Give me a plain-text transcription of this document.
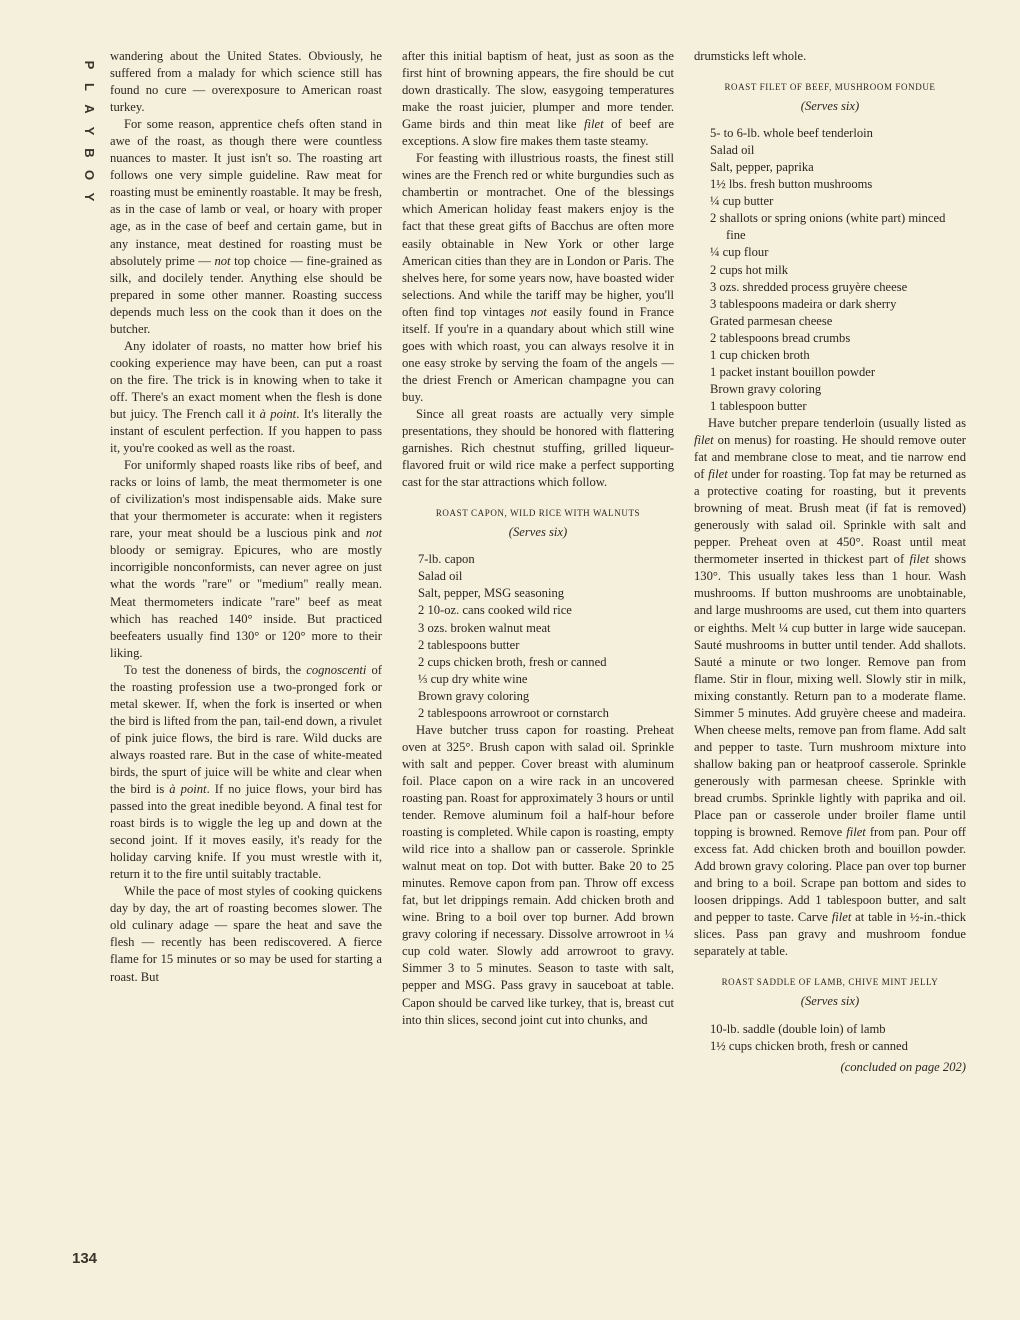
P
L
A
Y
B
O
Y
134

wandering about the United States. Obviously, he suffered from a malady for which science still has found no cure — overexposure to American roast turkey.

For some reason, apprentice chefs often stand in awe of the roast, as though there were countless nuances to master. It just isn't so. The roasting art follows one very simple guideline. Raw meat for roasting must be eminently roastable. It may be fresh, as in the case of lamb or veal, or hoary with proper age, as in the case of beef and certain game, but in any instance, meat destined for roasting must be absolutely prime — not top choice — fine-grained as silk, and docilely tender. Anything else should be prepared in some other manner. Roasting success depends much less on the cook than it does on the butcher.

Any idolater of roasts, no matter how brief his cooking experience may have been, can put a roast on the fire. The trick is in knowing when to take it off. There's an exact moment when the flesh is done but juicy. The French call it à point. It's literally the instant of esculent perfection. If you happen to pass it, you're cooked as well as the roast.

For uniformly shaped roasts like ribs of beef, and racks or loins of lamb, the meat thermometer is one of civilization's most indispensable aids. Make sure that your thermometer is accurate: when it registers rare, your meat should be a luscious pink and not bloody or semigray. Epicures, who are mostly incorrigible nonconformists, can never agree on just what the words "rare" or "medium" really mean. Meat thermometers indicate "rare" beef as meat which has reached 140° inside. But practiced beefeaters usually find 130° or 120° more to their liking.

To test the doneness of birds, the cognoscenti of the roasting profession use a two-pronged fork or metal skewer. If, when the fork is inserted or when the bird is lifted from the pan, tail-end down, a rivulet of pink juice flows, the bird is rare. Wild ducks are always roasted rare. But in the case of white-meated birds, the spurt of juice will be white and clear when the bird is à point. If no juice flows, your bird has passed into the great inedible beyond. A final test for roast birds is to wiggle the leg up and down at the second joint. If it moves easily, it's ready for the holiday carving knife. If you must wrestle with it, return it to the fire until suitably tractable.

While the pace of most styles of cooking quickens day by day, the art of roasting becomes slower. The old culinary adage — spare the heat and save the flesh — recently has been rediscovered. A fierce flame for 15 minutes or so may be used for starting a roast. But

after this initial baptism of heat, just as soon as the first hint of browning appears, the fire should be cut down drastically. The slow, easygoing temperatures make the roast juicier, plumper and more tender. Game birds and thin meat like filet of beef are exceptions. A slow fire makes them taste steamy.

For feasting with illustrious roasts, the finest still wines are the French red or white burgundies such as chambertin or montrachet. One of the blessings which American holiday feast makers enjoy is the fact that these great gifts of Bacchus are often more easily obtainable in New York or other large American cities than they are in London or Paris. The shelves here, for some years now, have boasted wider selections. And while the tariff may be higher, you'll often find top vintages not easily found in France itself. If you're in a quandary about which still wine goes with which roast, you can always resolve it in one easy stroke by serving the foam of the angels — the driest French or American champagne you can buy.

Since all great roasts are actually very simple presentations, they should be honored with flattering garnishes. Rich chestnut stuffing, grilled liqueur-flavored fruit or wild rice make a perfect supporting cast for the star attractions which follow.

ROAST CAPON, WILD RICE WITH WALNUTS
(Serves six)
7-lb. capon
Salad oil
Salt, pepper, MSG seasoning
2 10-oz. cans cooked wild rice
3 ozs. broken walnut meat
2 tablespoons butter
2 cups chicken broth, fresh or canned
⅓ cup dry white wine
Brown gravy coloring
2 tablespoons arrowroot or cornstarch

Have butcher truss capon for roasting. Preheat oven at 325°. Brush capon with salad oil. Sprinkle with salt and pepper. Cover breast with aluminum foil. Place capon on a wire rack in an uncovered roasting pan. Roast for approximately 3 hours or until tender. Remove aluminum foil a half-hour before roasting is completed. While capon is roasting, empty wild rice into a shallow pan or casserole. Sprinkle walnut meat on top. Dot with butter. Bake 20 to 25 minutes. Remove capon from pan. Throw off excess fat, but let drippings remain. Add chicken broth and wine. Bring to a boil over top burner. Add brown gravy coloring if necessary. Dissolve arrowroot in ¼ cup cold water. Slowly add arrowroot to gravy. Simmer 3 to 5 minutes. Season to taste with salt, pepper and MSG. Pass gravy in sauceboat at table. Capon should be carved like turkey, that is, breast cut into thin slices, second joint cut into chunks, and

drumsticks left whole.

ROAST FILET OF BEEF, MUSHROOM FONDUE
(Serves six)
5- to 6-lb. whole beef tenderloin
Salad oil
Salt, pepper, paprika
1½ lbs. fresh button mushrooms
¼ cup butter
2 shallots or spring onions (white part) minced fine
¼ cup flour
2 cups hot milk
3 ozs. shredded process gruyère cheese
3 tablespoons madeira or dark sherry
Grated parmesan cheese
2 tablespoons bread crumbs
1 cup chicken broth
1 packet instant bouillon powder
Brown gravy coloring
1 tablespoon butter

Have butcher prepare tenderloin (usually listed as filet on menus) for roasting. He should remove outer fat and membrane close to meat, and tie narrow end of filet under for roasting. Top fat may be returned as a protective coating for roasting, but it prevents browning of meat. Brush meat (if fat is removed) generously with salad oil. Sprinkle with salt and pepper. Preheat oven at 450°. Roast until meat thermometer inserted in thickest part of filet shows 130°. This usually takes less than 1 hour. Wash mushrooms. If button mushrooms are unobtainable, and large mushrooms are used, cut them into quarters or eighths. Melt ¼ cup butter in large wide saucepan. Sauté mushrooms in butter until tender. Add shallots. Sauté a minute or two longer. Remove pan from flame. Stir in flour, mixing well. Slowly stir in milk, mixing constantly. Return pan to a moderate flame. Simmer 5 minutes. Add gruyère cheese and madeira. When cheese melts, remove pan from flame. Add salt and pepper to taste. Turn mushroom mixture into shallow baking pan or heatproof casserole. Sprinkle generously with parmesan cheese. Sprinkle with bread crumbs. Sprinkle lightly with paprika and oil. Place pan or casserole under broiler flame until topping is browned. Remove filet from pan. Pour off excess fat. Add chicken broth and bouillon powder. Add brown gravy coloring. Place pan over top burner and bring to a boil. Scrape pan bottom and sides to loosen drippings. Add 1 tablespoon butter, and salt and pepper to taste. Carve filet at table in ½-in.-thick slices. Pass pan gravy and mushroom fondue separately at table.

ROAST SADDLE OF LAMB, CHIVE MINT JELLY
(Serves six)
10-lb. saddle (double loin) of lamb
1½ cups chicken broth, fresh or canned
(concluded on page 202)
